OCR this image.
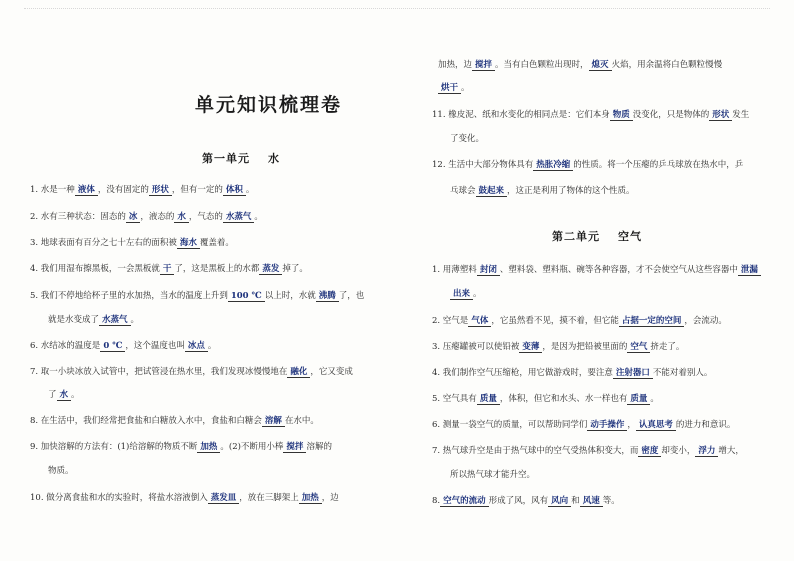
单元知识梳理卷
第一单元 水
第二单元 空气
1. 水是一种 液体 ，没有固定的 形状 ，但有一定的 体积 。
2. 水有三种状态：固态的 冰 ，液态的 水 ，气态的 水蒸气 。
3. 地球表面有百分之七十左右的面积被 海水 覆盖着。
4. 我们用湿布擦黑板，一会黑板就 干 了，这是黑板上的水都 蒸发 掉了。
5. 我们不停地给杯子里的水加热，当水的温度上升到 100 ℃ 以上时，水就 沸腾 了，也
就是水变成了 水蒸气 。
6. 水结冰的温度是 0 ℃ ，这个温度也叫 冰点 。
7. 取一小块冰放入试管中，把试管浸在热水里，我们发现冰慢慢地在 融化 ，它又变成
了 水 。
8. 在生活中，我们经常把食盐和白糖放入水中，食盐和白糖会 溶解 在水中。
9. 加快溶解的方法有：(1)给溶解的物质不断 加热 。(2)不断用小棒 搅拌 溶解的
物质。
10. 做分离食盐和水的实验时，将盐水溶液倒入 蒸发皿 ，放在三脚架上 加热 ，边
加热，边 搅拌 。当有白色颗粒出现时， 熄灭 火焰，用余温将白色颗粒慢慢
烘干 。
11. 橡皮泥、纸和水变化的相同点是：它们本身 物质 没变化，只是物体的 形状 发生
了变化。
12. 生活中大部分物体具有 热胀冷缩 的性质。将一个压瘪的乒乓球放在热水中，乒
乓球会 鼓起来 ，这正是利用了物体的这个性质。
1. 用薄塑料 封闭 、塑料袋、塑料瓶、碗等各种容器，才不会使空气从这些容器中 泄漏
出来 。
2. 空气是 气体 ，它虽然看不见，摸不着，但它能 占据一定的空间 ，会流动。
3. 压瘪罐被可以使铅被 变薄 ，是因为把铅被里面的 空气 挤走了。
4. 我们制作空气压缩枪，用它做游戏时，要注意 注射器口 不能对着别人。
5. 空气具有 质量 ，体积，但它和水头、水一样也有 质量 。
6. 测量一袋空气的质量，可以帮助同学们 动手操作 ， 认真思考 的进力和意识。
7. 热气球升空是由于热气球中的空气受热体积变大，而 密度 却变小， 浮力 增大，
所以热气球才能升空。
8. 空气的流动 形成了风，风有 风向 和 风速 等。
